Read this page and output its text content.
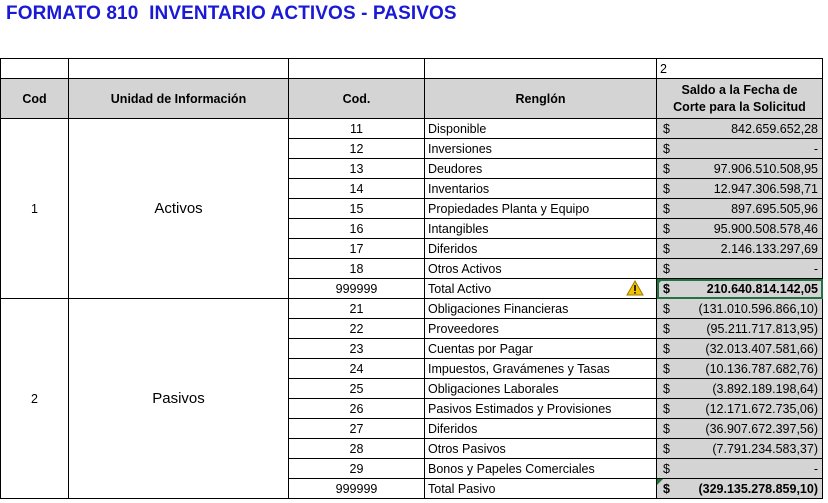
FORMATO 810  INVENTARIO ACTIVOS - PASIVOS
				2
Cod	Unidad de Información	Cod.	Renglón	Saldo a la Fecha de
Corte para la Solicitud

1	Activos	11	Disponible	$ 842.659.652,28

		12	Inversiones	$ -

		13	Deudores	$ 97.906.510.508,95

		14	Inventarios	$ 12.947.306.598,71

		15	Propiedades Planta y Equipo	$ 897.695.505,96

		16	Intangibles	$ 95.900.508.578,46

		17	Diferidos	$ 2.146.133.297,69

		18	Otros Activos	$ -

		999999	Total Activo	$ 210.640.814.142,05

2	Pasivos	21	Obligaciones Financieras	$ (131.010.596.866,10)

		22	Proveedores	$ (95.211.717.813,95)

		23	Cuentas por Pagar	$ (32.013.407.581,66)

		24	Impuestos, Gravámenes y Tasas	$ (10.136.787.682,76)

		25	Obligaciones Laborales	$ (3.892.189.198,64)

		26	Pasivos Estimados y Provisiones	$ (12.171.672.735,06)

		27	Diferidos	$ (36.907.672.397,56)

		28	Otros Pasivos	$ (7.791.234.583,37)

		29	Bonos y Papeles Comerciales	$ -

		999999	Total Pasivo	$ (329.135.278.859,10)
